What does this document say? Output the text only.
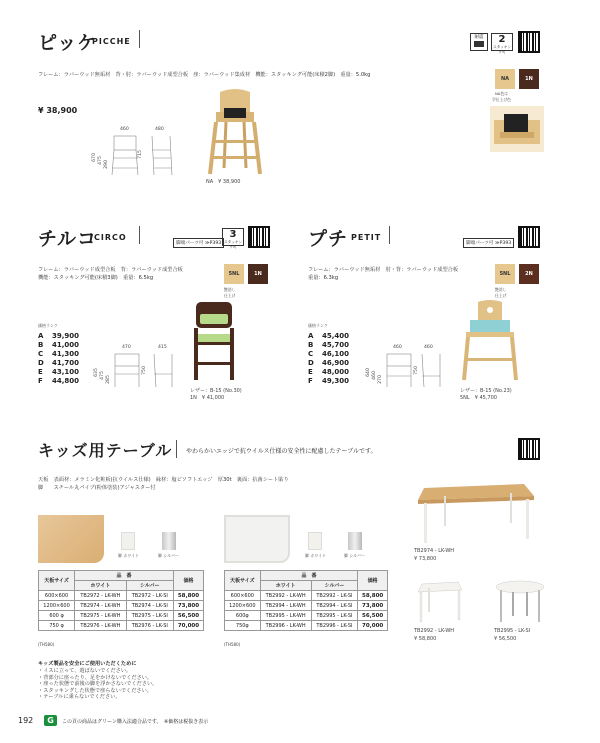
ピッケ
PICCHE	耐震	2
スタッキング可
フレーム：ラバーウッド無垢材　背・肘：ラバーウッド成型合板　座：ラバーウッド集成材　機能：スタッキング可能(床積2脚)　重量：5.0kg
NA	1N
NA色は
学仕上げ色
¥ 38,900
460	480
670 475 290
715
NA　¥ 38,900
チルコ
CIRCO
脚端パーツ可 ≫P393
3
スタッキング可
フレーム：ラバーウッド成型合板　背：ラバーウッド成型合板
機能：スタッキング可能(床積3脚)　重量：6.5kg
5NL	1N
艶消し
仕上げ
価格ランク
A 39,900
B 41,000
C 41,300
D 41,700
E 43,100
F 44,800
470	415
635 475 285
750
レザー：B-15 (No.30)
1N　¥ 41,000
プチ PETIT
脚端パーツ可 ≫P393
フレーム：ラバーウッド無垢材　肘・背：ラバーウッド成型合板
重量：6.3kg
5NL	2N
艶消し
仕上げ
価格ランク
A 45,400
B 45,700
C 46,100
D 46,900
E 48,000
F 49,300
460	460
640 460 270
750
レザー：B-15 (No.23)
5NL　¥ 45,700
キッズ用テーブル やわらかいエッジで抗ウイルス仕様の安全性に配慮したテーブルです。
天板　表面材：メラミン化粧板(抗ウイルス仕様)　縁材：塩ビソフトエッジ　厚30t　裏面：抗菌シート貼り
脚　　スチール丸パイプ(粉体塗装)アジャスター付
脚 ホワイト	脚 シルバー	脚 ホワイト	脚 シルバー
天板サイズ	品　番		価格
	ホワイト	シルバー	
600×600	TB2972 - LK-WH	TB2972 - LK-SI	58,800
1200×600	TB2974 - LK-WH	TB2974 - LK-SI	73,800
600 φ	TB2975 - LK-WH	TB2975 - LK-SI	56,500
750 φ	TB2976 - LK-WH	TB2976 - LK-SI	70,000
(TH580)
天板サイズ	品　番		価格
	ホワイト	シルバー	
600×600	TB2992 - LK-WH	TB2992 - LK-SI	58,800
1200×600	TB2994 - LK-WH	TB2994 - LK-SI	73,800
600φ	TB2995 - LK-WH	TB2995 - LK-SI	56,500
750φ	TB2996 - LK-WH	TB2996 - LK-SI	70,000
(TH580)
TB2974 - LK-WH
¥ 73,800
TB2992 - LK-WH
¥ 58,800
TB2995 - LK-SI
¥ 56,500
キッズ製品を安全にご使用いただくために
・イスに立って、遊ばないでください。
・背部分に座ったり、足をかけないでください。
・座った状態で前後の脚を浮かさないでください。
・スタッキングした状態で座らないでください。
・テーブルに乗らないでください。
192	G	この頁の商品はグリーン購入法適合品です。　※価格は税抜き表示
